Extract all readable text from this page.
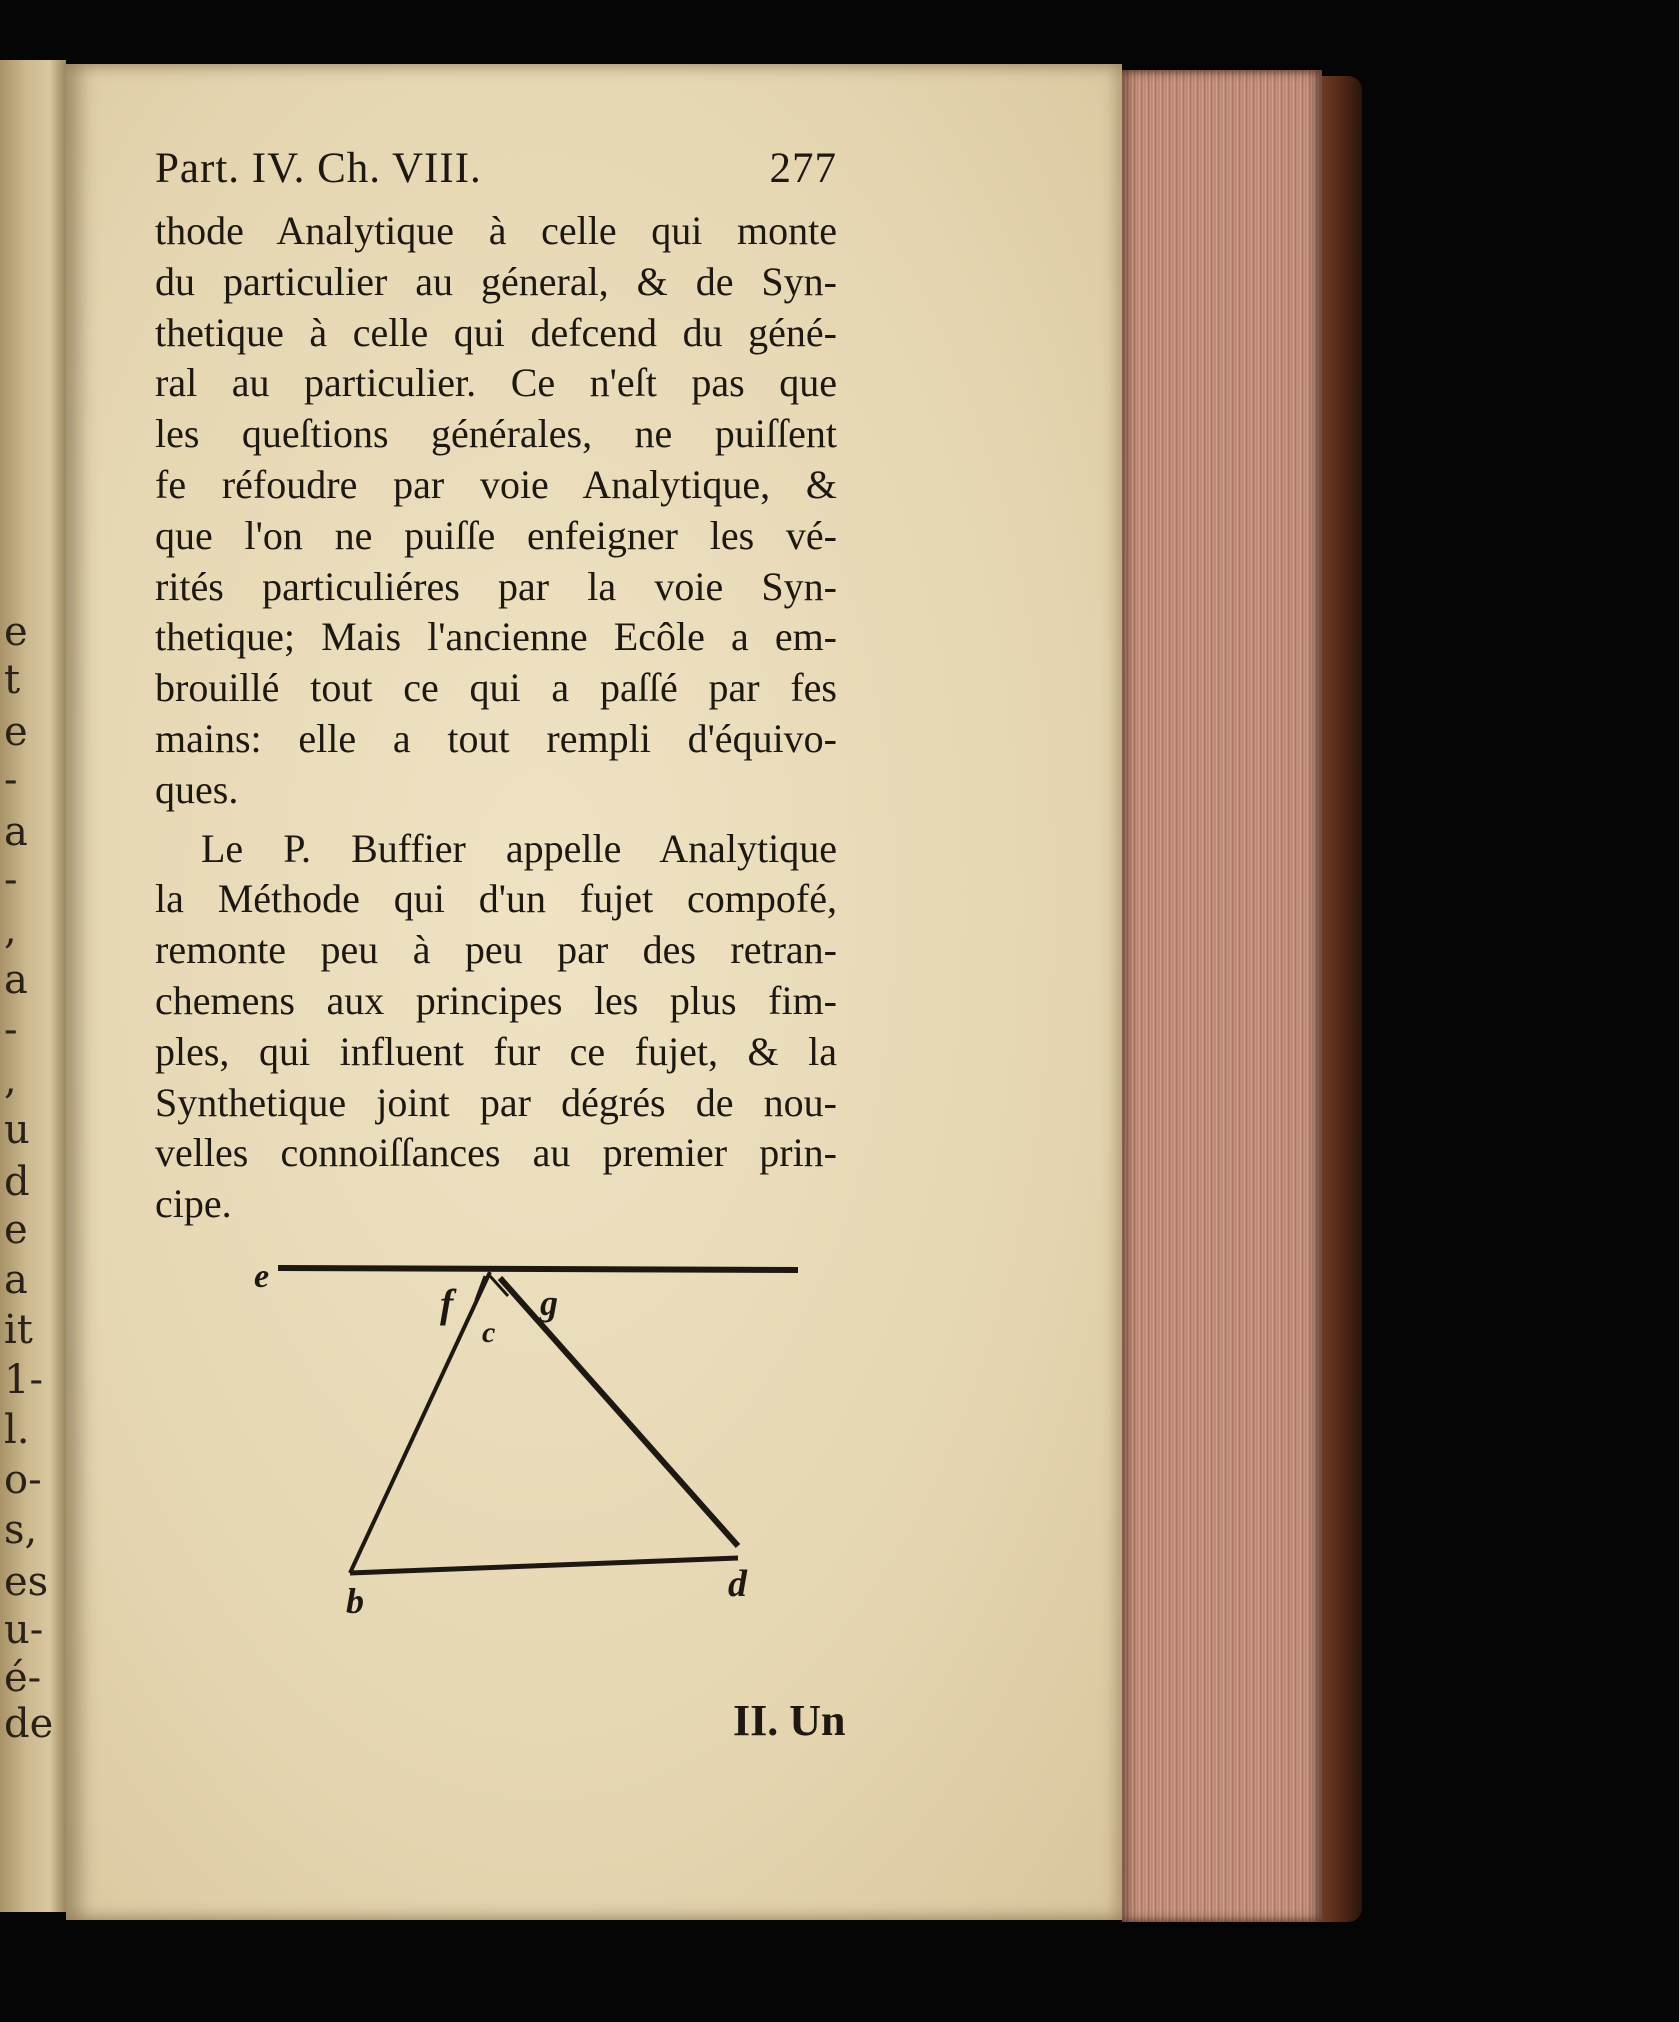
e
t
e
-
a
-
,
a
-
,
u
d
e
a
it
1-
l.
o-
s,
es
u-
é-
de
Part. IV. Ch. VIII.	277
thode Analytique à celle qui monte
du particulier au géneral, & de Syn-
thetique à celle qui defcend du géné-
ral au particulier. Ce n'eſt pas que
les queſtions générales, ne puiſſent
fe réfoudre par voie Analytique, &
que l'on ne puiſſe enfeigner les vé-
rités particuliéres par la voie Syn-
thetique; Mais l'ancienne Ecôle a em-
brouillé tout ce qui a paſſé par fes
mains: elle a tout rempli d'équivo-
ques.
Le P. Buffier appelle Analytique
la Méthode qui d'un fujet compofé,
remonte peu à peu par des retran-
chemens aux principes les plus fim-
ples, qui influent fur ce fujet, & la
Synthetique joint par dégrés de nou-
velles connoiſſances au premier prin-
cipe.
e
f
c
g
b	d
II. Un
